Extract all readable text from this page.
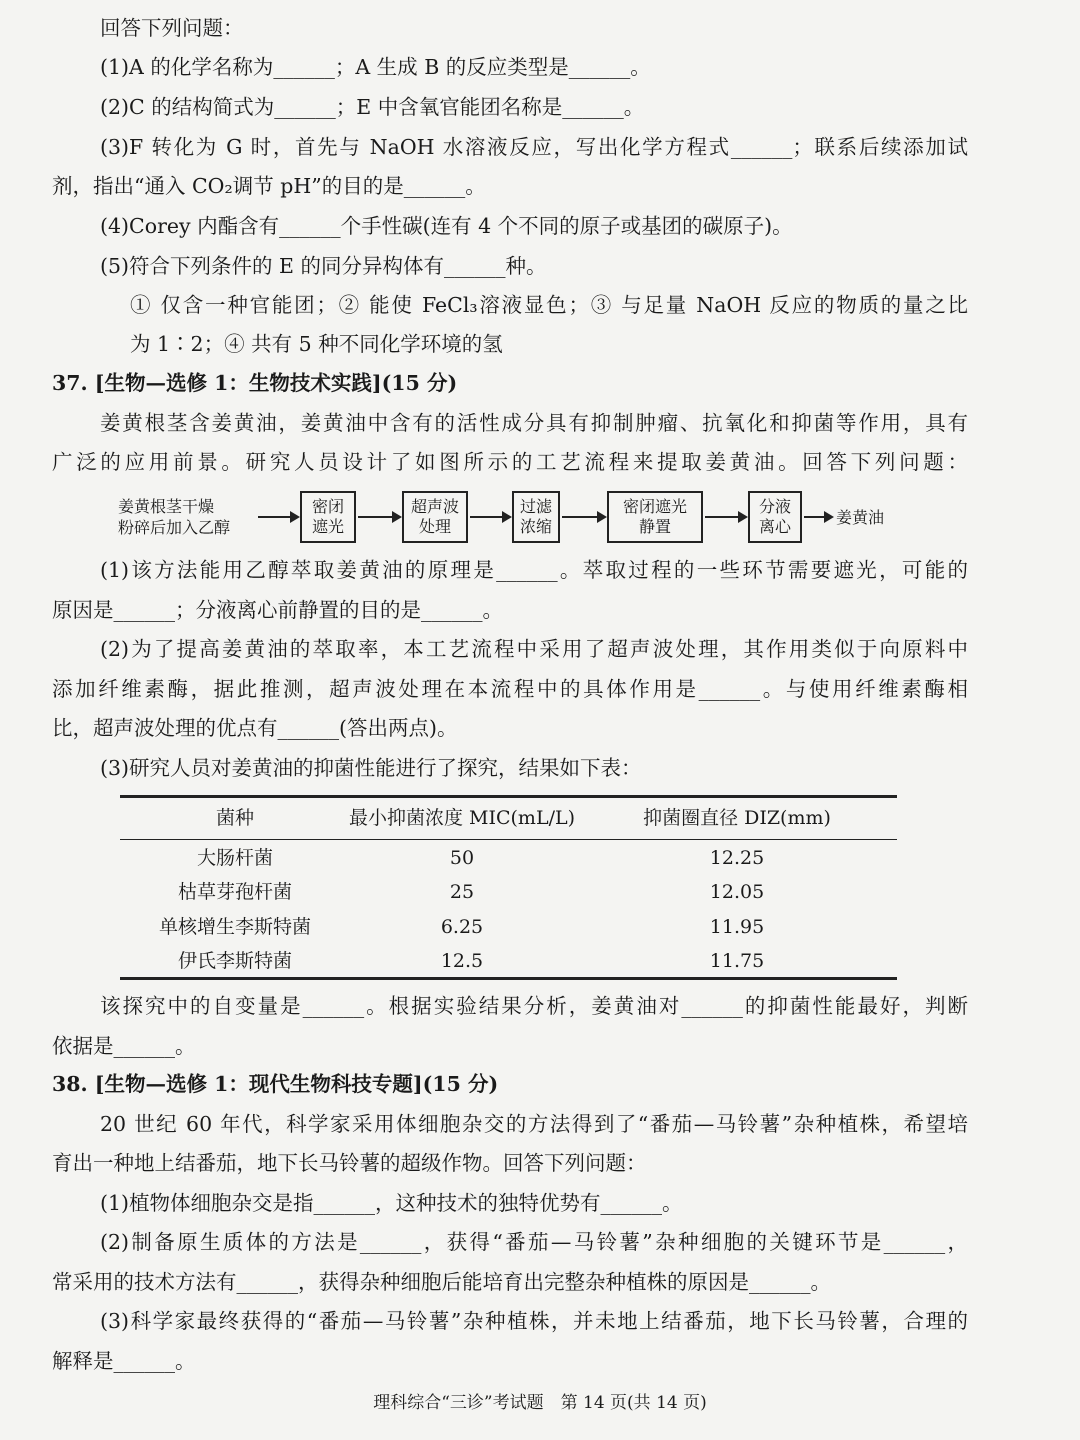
回答下列问题：
(1)A 的化学名称为______；A 生成 B 的反应类型是______。
(2)C 的结构简式为______；E 中含氧官能团名称是______。
(3)F 转化为 G 时，首先与 NaOH 水溶液反应，写出化学方程式______；联系后续添加试
剂，指出“通入 CO₂调节 pH”的目的是______。
(4)Corey 内酯含有______个手性碳(连有 4 个不同的原子或基团的碳原子)。
(5)符合下列条件的 E 的同分异构体有______种。
① 仅含一种官能团；② 能使 FeCl₃溶液显色；③ 与足量 NaOH 反应的物质的量之比
为 1∶2；④ 共有 5 种不同化学环境的氢
37. [生物—选修 1：生物技术实践](15 分)
姜黄根茎含姜黄油，姜黄油中含有的活性成分具有抑制肿瘤、抗氧化和抑菌等作用，具有
广泛的应用前景。研究人员设计了如图所示的工艺流程来提取姜黄油。回答下列问题：
(1)该方法能用乙醇萃取姜黄油的原理是______。萃取过程的一些环节需要遮光，可能的
原因是______；分液离心前静置的目的是______。
(2)为了提高姜黄油的萃取率，本工艺流程中采用了超声波处理，其作用类似于向原料中
添加纤维素酶，据此推测，超声波处理在本流程中的具体作用是______。与使用纤维素酶相
比，超声波处理的优点有______(答出两点)。
(3)研究人员对姜黄油的抑菌性能进行了探究，结果如下表：
该探究中的自变量是______。根据实验结果分析，姜黄油对______的抑菌性能最好，判断
依据是______。
38. [生物—选修 1：现代生物科技专题](15 分)
20 世纪 60 年代，科学家采用体细胞杂交的方法得到了“番茄—马铃薯”杂种植株，希望培
育出一种地上结番茄，地下长马铃薯的超级作物。回答下列问题：
(1)植物体细胞杂交是指______，这种技术的独特优势有______。
(2)制备原生质体的方法是______，获得“番茄—马铃薯”杂种细胞的关键环节是______，
常采用的技术方法有______，获得杂种细胞后能培育出完整杂种植株的原因是______。
(3)科学家最终获得的“番茄—马铃薯”杂种植株，并未地上结番茄，地下长马铃薯，合理的
解释是______。
姜黄根茎干燥
粉碎后加入乙醇
密闭
遮光
超声波
处理
过滤
浓缩
密闭遮光
静置
分液
离心	姜黄油
菌种	最小抑菌浓度 MIC(mL/L)	抑菌圈直径 DIZ(mm)
大肠杆菌	50	12.25
枯草芽孢杆菌	25	12.05
单核增生李斯特菌	6.25	11.95
伊氏李斯特菌	12.5	11.75
理科综合“三诊”考试题　第 14 页(共 14 页)
